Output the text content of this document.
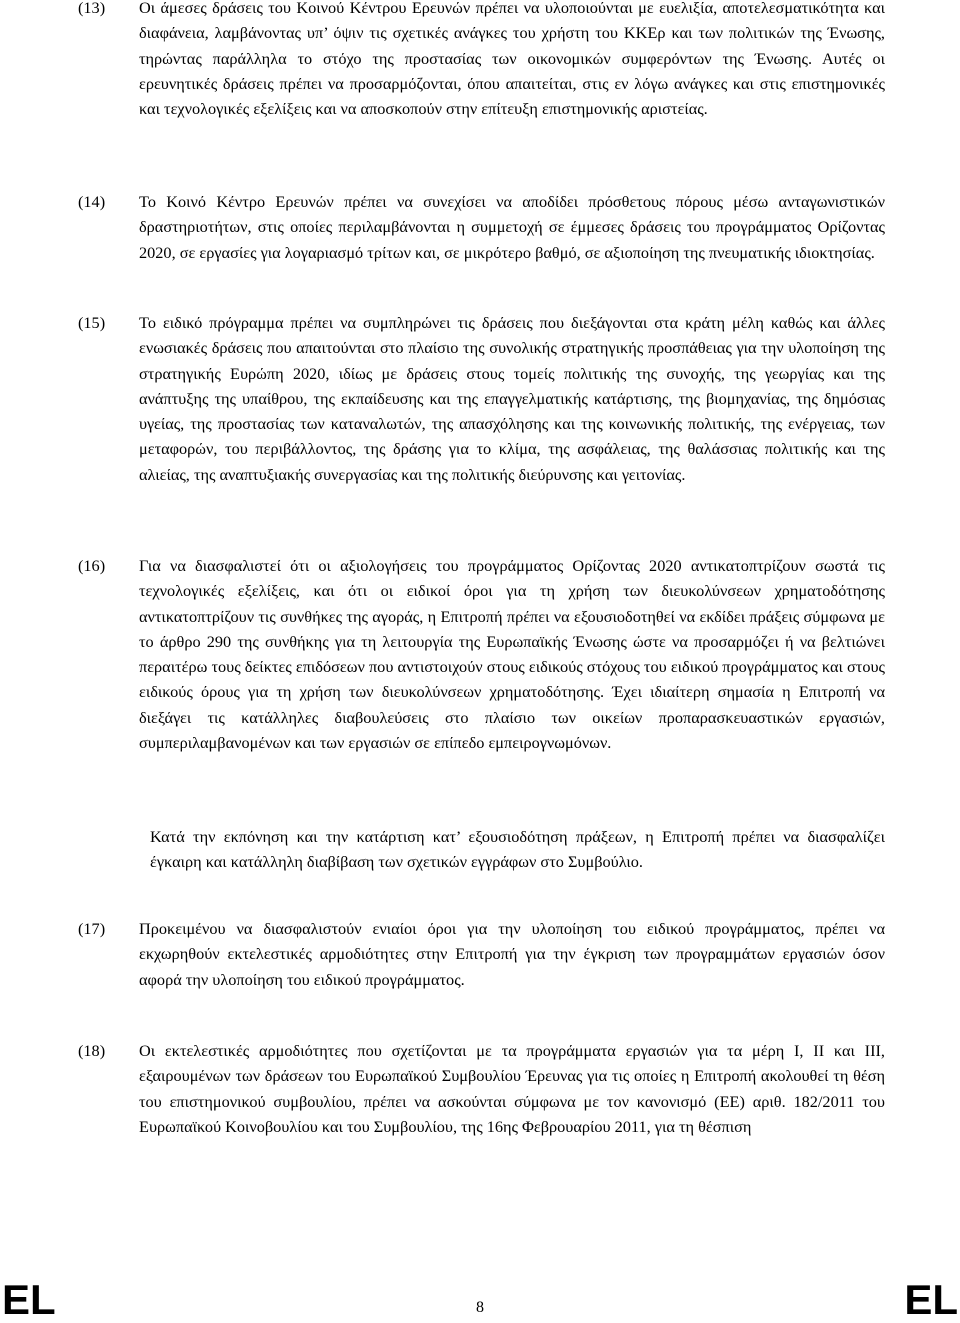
(13) Οι άμεσες δράσεις του Κοινού Κέντρου Ερευνών πρέπει να υλοποιούνται με ευελιξία, αποτελεσματικότητα και διαφάνεια, λαμβάνοντας υπ’ όψιν τις σχετικές ανάγκες του χρήστη του ΚΚΕρ και των πολιτικών της Ένωσης, τηρώντας παράλληλα το στόχο της προστασίας των οικονομικών συμφερόντων της Ένωσης. Αυτές οι ερευνητικές δράσεις πρέπει να προσαρμόζονται, όπου απαιτείται, στις εν λόγω ανάγκες και στις επιστημονικές και τεχνολογικές εξελίξεις και να αποσκοπούν στην επίτευξη επιστημονικής αριστείας.
(14) Το Κοινό Κέντρο Ερευνών πρέπει να συνεχίσει να αποδίδει πρόσθετους πόρους μέσω ανταγωνιστικών δραστηριοτήτων, στις οποίες περιλαμβάνονται η συμμετοχή σε έμμεσες δράσεις του προγράμματος Ορίζοντας 2020, σε εργασίες για λογαριασμό τρίτων και, σε μικρότερο βαθμό, σε αξιοποίηση της πνευματικής ιδιοκτησίας.
(15) Το ειδικό πρόγραμμα πρέπει να συμπληρώνει τις δράσεις που διεξάγονται στα κράτη μέλη καθώς και άλλες ενωσιακές δράσεις που απαιτούνται στο πλαίσιο της συνολικής στρατηγικής προσπάθειας για την υλοποίηση της στρατηγικής Ευρώπη 2020, ιδίως με δράσεις στους τομείς πολιτικής της συνοχής, της γεωργίας και της ανάπτυξης της υπαίθρου, της εκπαίδευσης και της επαγγελματικής κατάρτισης, της βιομηχανίας, της δημόσιας υγείας, της προστασίας των καταναλωτών, της απασχόλησης και της κοινωνικής πολιτικής, της ενέργειας, των μεταφορών, του περιβάλλοντος, της δράσης για το κλίμα, της ασφάλειας, της θαλάσσιας πολιτικής και της αλιείας, της αναπτυξιακής συνεργασίας και της πολιτικής διεύρυνσης και γειτονίας.
(16) Για να διασφαλιστεί ότι οι αξιολογήσεις του προγράμματος Ορίζοντας 2020 αντικατοπτρίζουν σωστά τις τεχνολογικές εξελίξεις, και ότι οι ειδικοί όροι για τη χρήση των διευκολύνσεων χρηματοδότησης αντικατοπτρίζουν τις συνθήκες της αγοράς, η Επιτροπή πρέπει να εξουσιοδοτηθεί να εκδίδει πράξεις σύμφωνα με το άρθρο 290 της συνθήκης για τη λειτουργία της Ευρωπαϊκής Ένωσης ώστε να προσαρμόζει ή να βελτιώνει περαιτέρω τους δείκτες επιδόσεων που αντιστοιχούν στους ειδικούς στόχους του ειδικού προγράμματος και στους ειδικούς όρους για τη χρήση των διευκολύνσεων χρηματοδότησης. Έχει ιδιαίτερη σημασία η Επιτροπή να διεξάγει τις κατάλληλες διαβουλεύσεις στο πλαίσιο των οικείων προπαρασκευαστικών εργασιών, συμπεριλαμβανομένων και των εργασιών σε επίπεδο εμπειρογνωμόνων.
Κατά την εκπόνηση και την κατάρτιση κατ’ εξουσιοδότηση πράξεων, η Επιτροπή πρέπει να διασφαλίζει έγκαιρη και κατάλληλη διαβίβαση των σχετικών εγγράφων στο Συμβούλιο.
(17) Προκειμένου να διασφαλιστούν ενιαίοι όροι για την υλοποίηση του ειδικού προγράμματος, πρέπει να εκχωρηθούν εκτελεστικές αρμοδιότητες στην Επιτροπή για την έγκριση των προγραμμάτων εργασιών όσον αφορά την υλοποίηση του ειδικού προγράμματος.
(18) Οι εκτελεστικές αρμοδιότητες που σχετίζονται με τα προγράμματα εργασιών για τα μέρη I, II και III, εξαιρουμένων των δράσεων του Ευρωπαϊκού Συμβουλίου Έρευνας για τις οποίες η Επιτροπή ακολουθεί τη θέση του επιστημονικού συμβουλίου, πρέπει να ασκούνται σύμφωνα με τον κανονισμό (ΕΕ) αριθ. 182/2011 του Ευρωπαϊκού Κοινοβουλίου και του Συμβουλίου, της 16ης Φεβρουαρίου 2011, για τη θέσπιση
EL	8	EL
